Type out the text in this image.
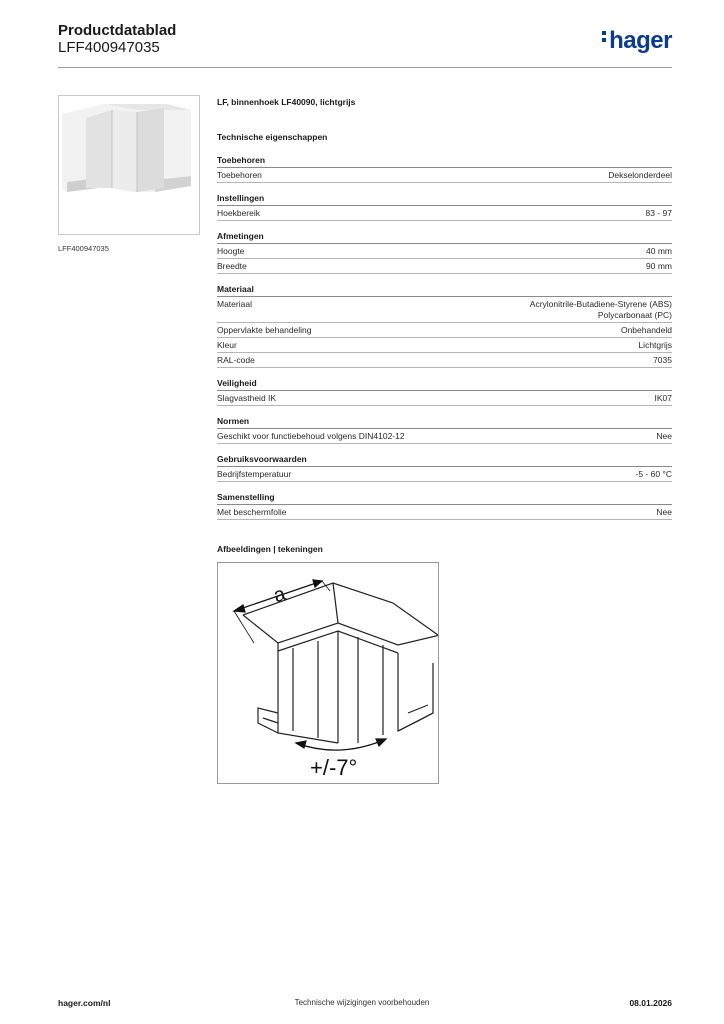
Productdatablad
LFF400947035	hager
LFF400947035
LF, binnenhoek LF40090, lichtgrijs
Technische eigenschappen
Toebehoren
Toebehoren	Dekselonderdeel
Instellingen
Hoekbereik	83 - 97
Afmetingen
Hoogte	40 mm
Breedte	90 mm
Materiaal
Materiaal	Acrylonitrile-Butadiene-Styrene (ABS)
Polycarbonaat (PC)
Oppervlakte behandeling	Onbehandeld
Kleur	Lichtgrijs
RAL-code	7035
Veiligheid
Slagvastheid IK	IK07
Normen
Geschikt voor functiebehoud volgens DIN4102-12	Nee
Gebruiksvoorwaarden
Bedrijfstemperatuur	-5 - 60 °C
Samenstelling
Met beschermfolie	Nee
Afbeeldingen | tekeningen
a
+/-7°
hager.com/nl	Technische wijzigingen voorbehouden	08.01.2026
